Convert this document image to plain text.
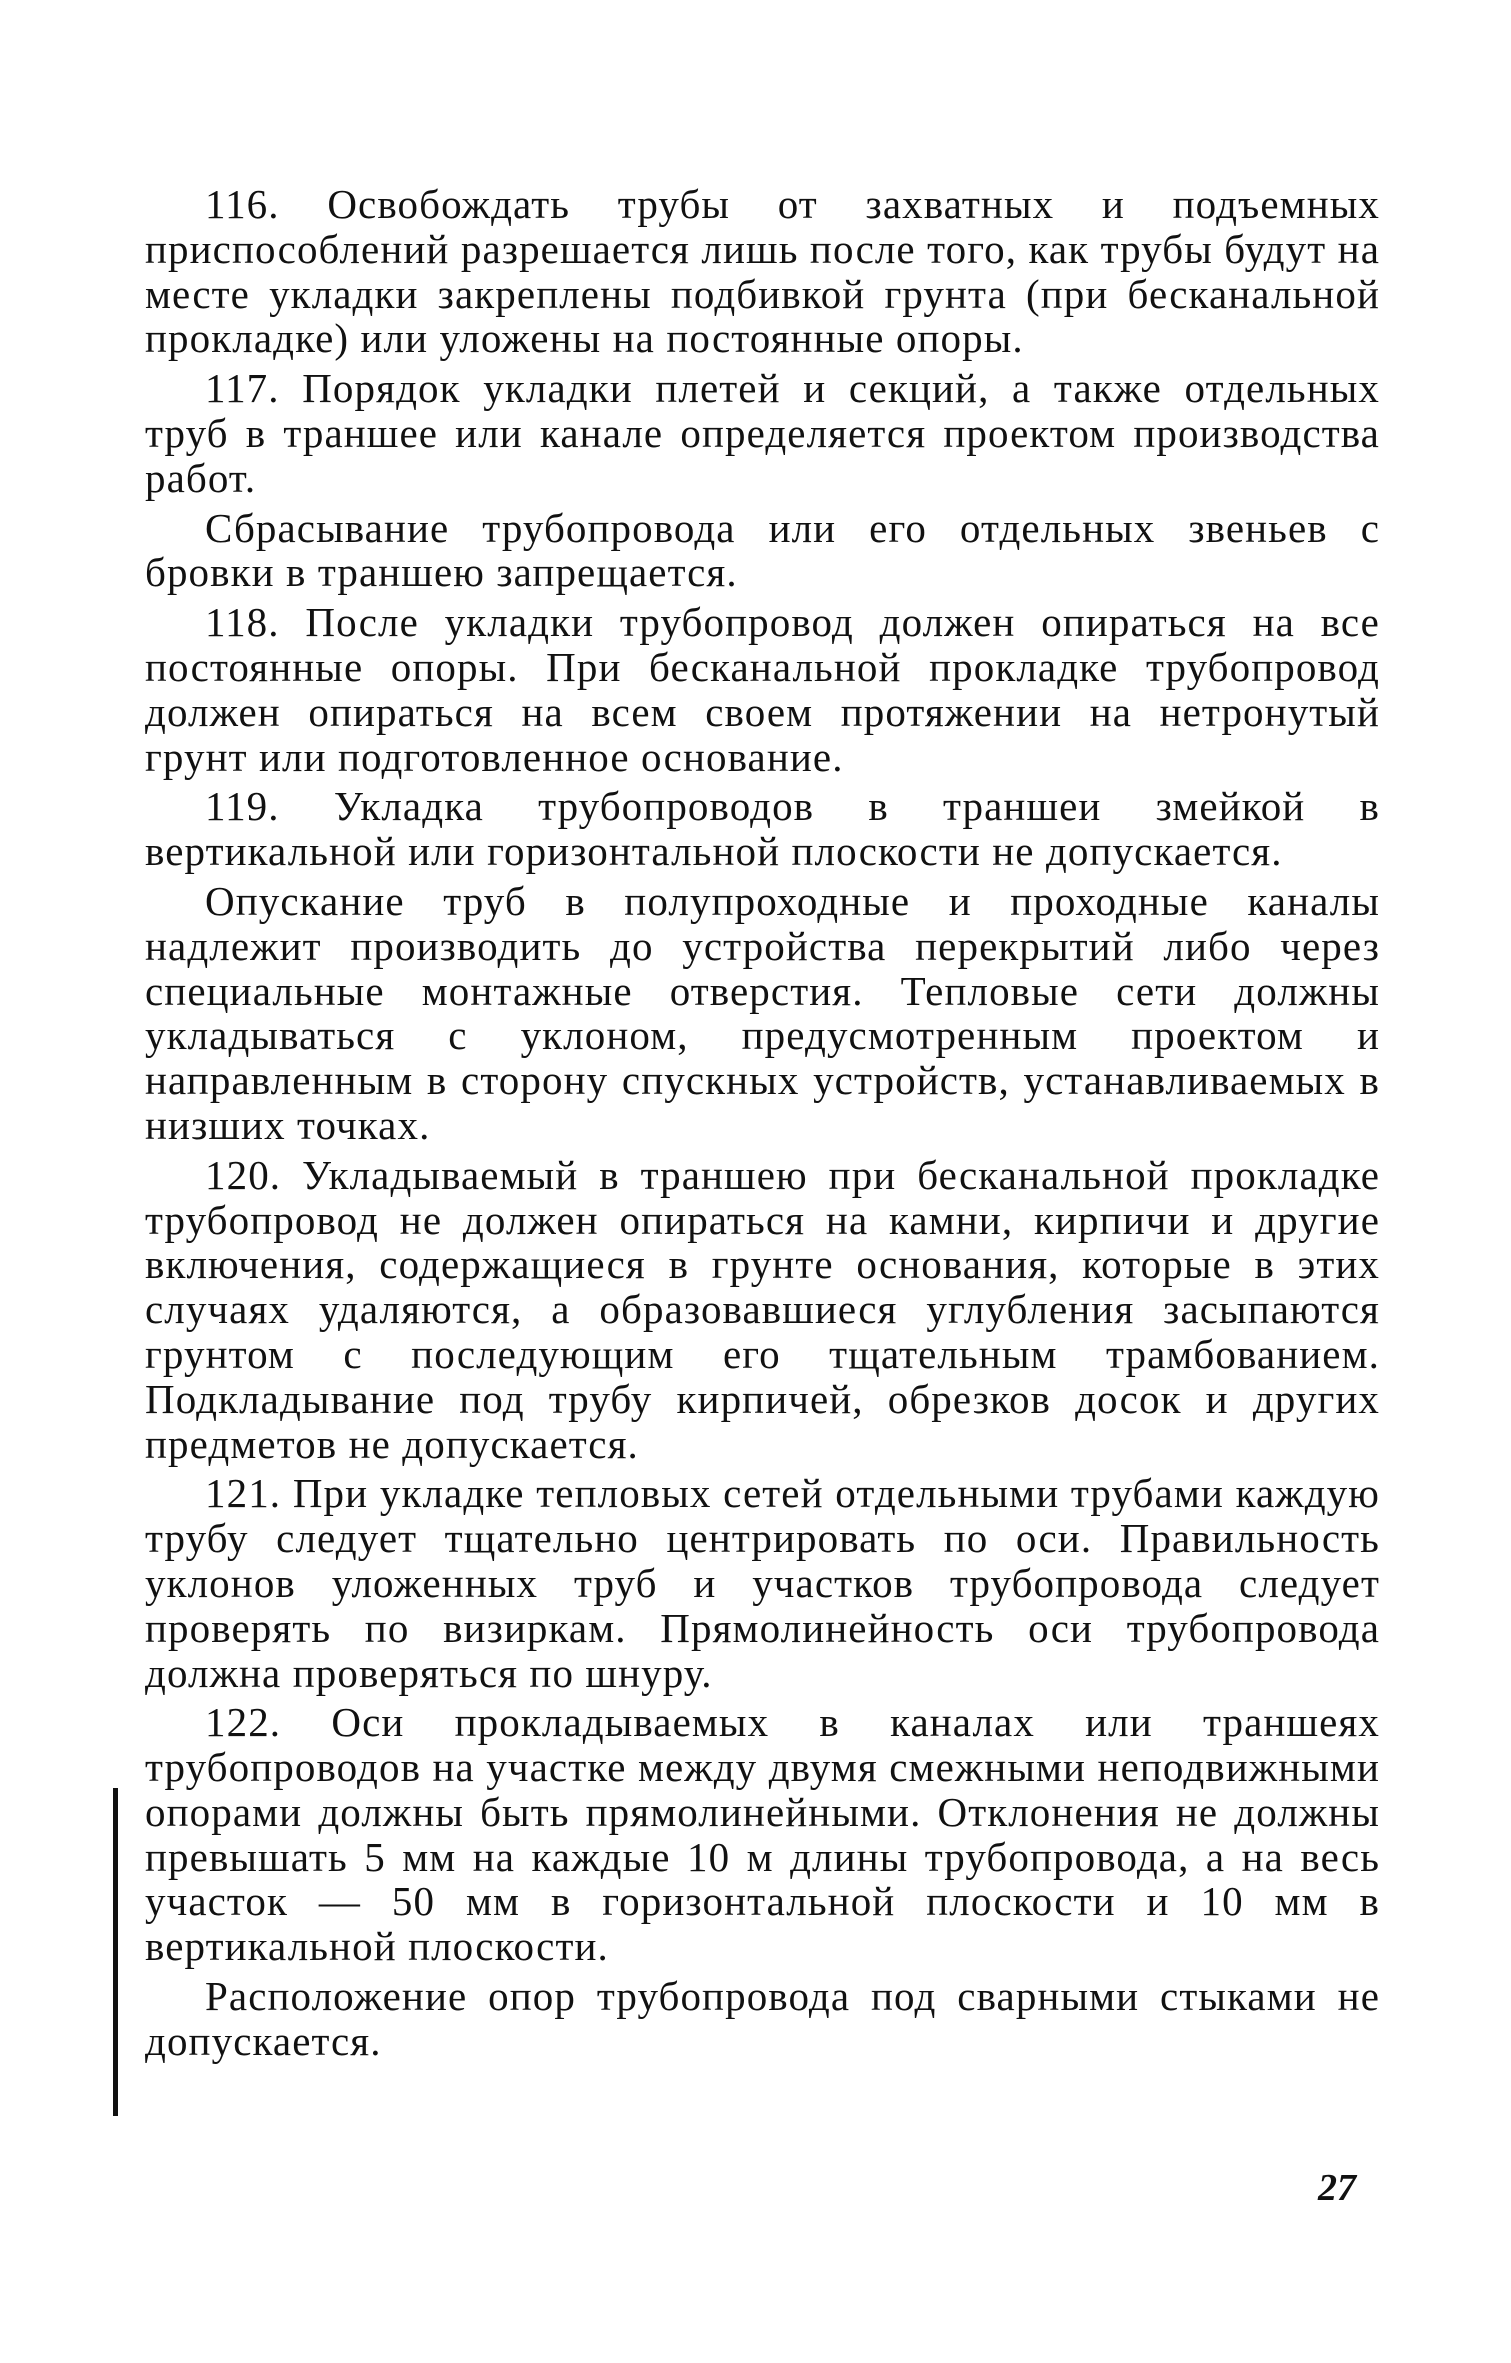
116. Освобождать трубы от захватных и подъемных приспособлений разрешается лишь после того, как трубы будут на месте укладки закреплены подбивкой грунта (при бесканальной прокладке) или уложены на постоянные опоры.

117. Порядок укладки плетей и секций, а также отдельных труб в траншее или канале определяется проектом производства работ.

Сбрасывание трубопровода или его отдельных звеньев с бровки в траншею запрещается.

118. После укладки трубопровод должен опираться на все постоянные опоры. При бесканальной прокладке трубопровод должен опираться на всем своем протяжении на нетронутый грунт или подготовленное основание.

119. Укладка трубопроводов в траншеи змейкой в вертикальной или горизонтальной плоскости не допускается.

Опускание труб в полупроходные и проходные каналы надлежит производить до устройства перекрытий либо через специальные монтажные отверстия. Тепловые сети должны укладываться с уклоном, предусмотренным проектом и направленным в сторону спускных устройств, устанавливаемых в низших точках.

120. Укладываемый в траншею при бесканальной прокладке трубопровод не должен опираться на камни, кирпичи и другие включения, содержащиеся в грунте основания, которые в этих случаях удаляются, а образовавшиеся углубления засыпаются грунтом с последующим его тщательным трамбованием. Подкладывание под трубу кирпичей, обрезков досок и других предметов не допускается.

121. При укладке тепловых сетей отдельными трубами каждую трубу следует тщательно центрировать по оси. Правильность уклонов уложенных труб и участков трубопровода следует проверять по визиркам. Прямолинейность оси трубопровода должна проверяться по шнуру.

122. Оси прокладываемых в каналах или траншеях трубопроводов на участке между двумя смежными неподвижными опорами должны быть прямолинейными. Отклонения не должны превышать 5 мм на каждые 10 м длины трубопровода, а на весь участок — 50 мм в горизонтальной плоскости и 10 мм в вертикальной плоскости.

Расположение опор трубопровода под сварными стыками не допускается.

27
